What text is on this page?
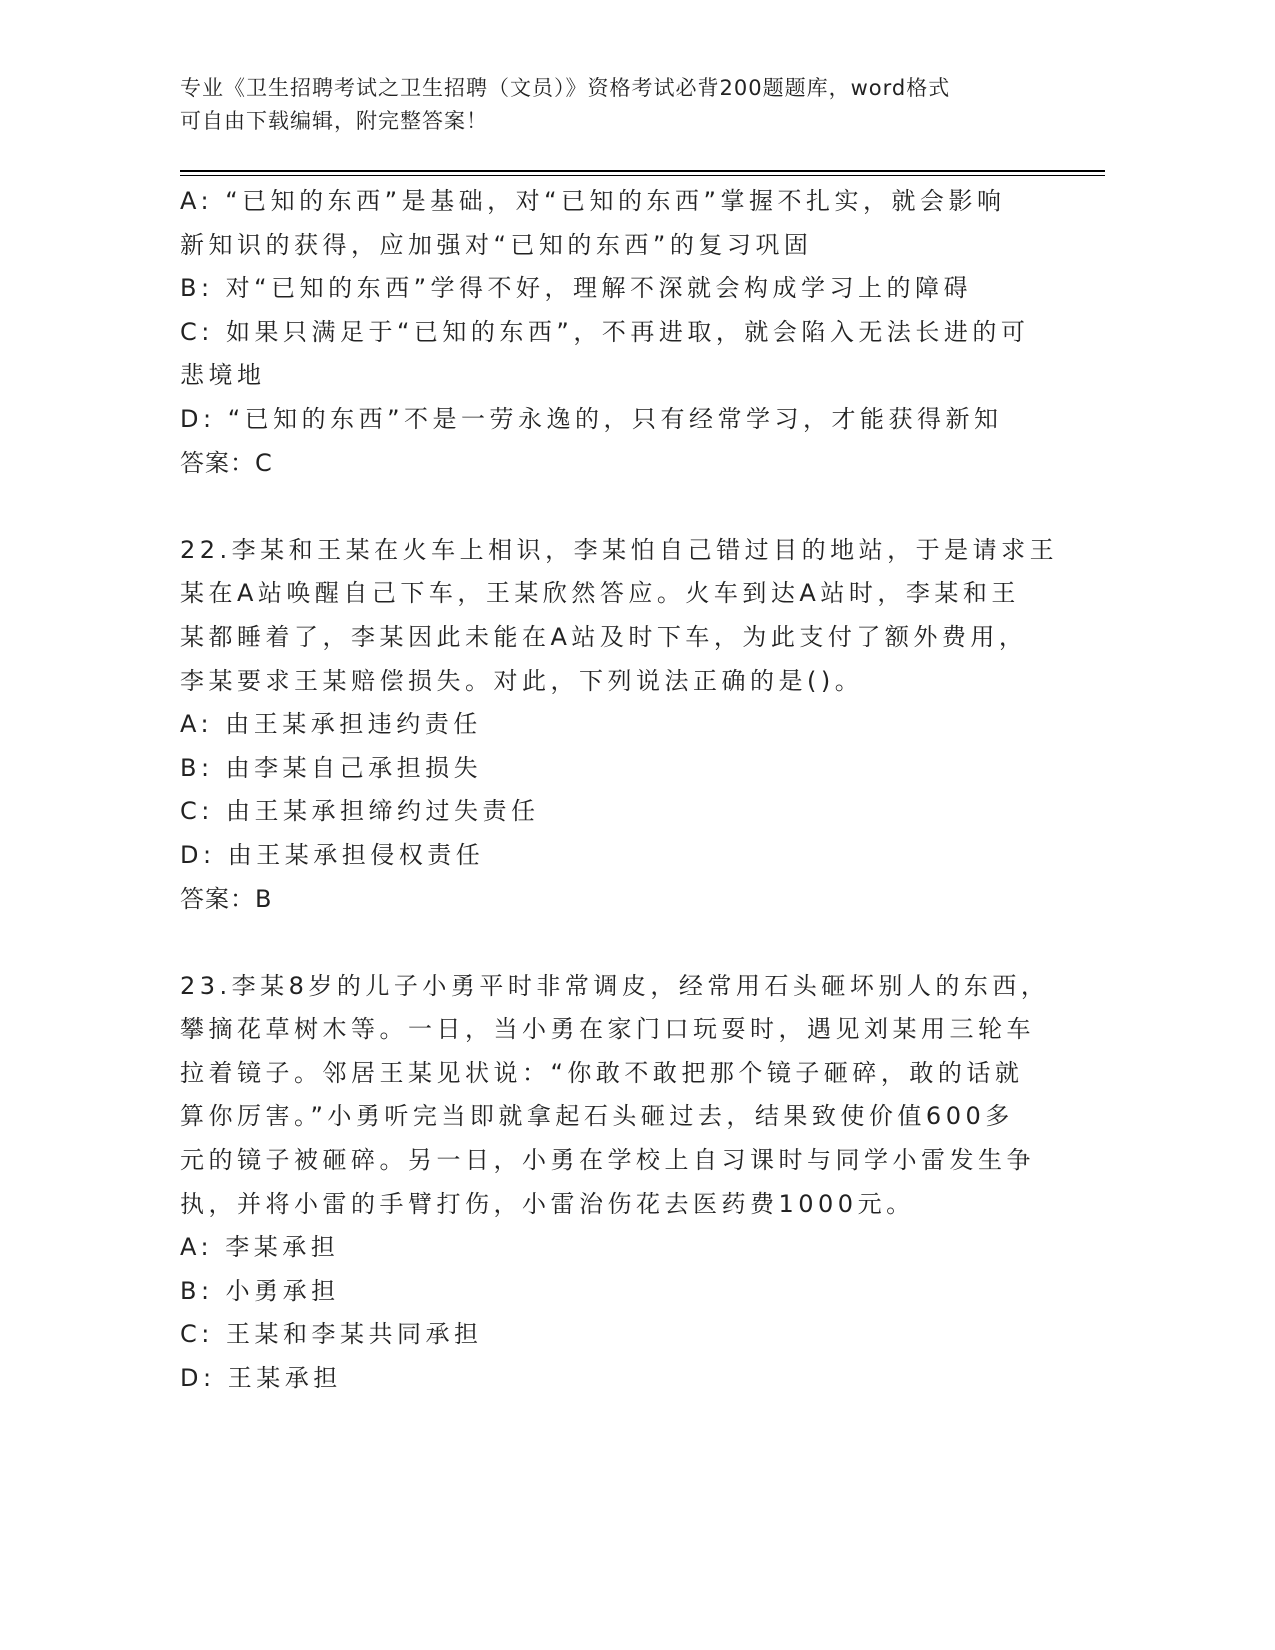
专业《卫生招聘考试之卫生招聘（文员）》资格考试必背200题题库，word格式
可自由下载编辑，附完整答案！
A: “已知的东西”是基础，对“已知的东西”掌握不扎实，就会影响
新知识的获得，应加强对“已知的东西”的复习巩固
B: 对“已知的东西”学得不好，理解不深就会构成学习上的障碍
C: 如果只满足于“已知的东西”，不再进取，就会陷入无法长进的可
悲境地
D: “已知的东西”不是一劳永逸的，只有经常学习，才能获得新知
答案：C
22.李某和王某在火车上相识，李某怕自己错过目的地站，于是请求王
某在A站唤醒自己下车，王某欣然答应。火车到达A站时，李某和王
某都睡着了，李某因此未能在A站及时下车，为此支付了额外费用，
李某要求王某赔偿损失。对此，下列说法正确的是()。
A: 由王某承担违约责任
B: 由李某自己承担损失
C: 由王某承担缔约过失责任
D: 由王某承担侵权责任
答案：B
23.李某8岁的儿子小勇平时非常调皮，经常用石头砸坏别人的东西，
攀摘花草树木等。一日，当小勇在家门口玩耍时，遇见刘某用三轮车
拉着镜子。邻居王某见状说：“你敢不敢把那个镜子砸碎，敢的话就
算你厉害。”小勇听完当即就拿起石头砸过去，结果致使价值600多
元的镜子被砸碎。另一日，小勇在学校上自习课时与同学小雷发生争
执，并将小雷的手臂打伤，小雷治伤花去医药费1000元。
A: 李某承担
B: 小勇承担
C: 王某和李某共同承担
D: 王某承担
